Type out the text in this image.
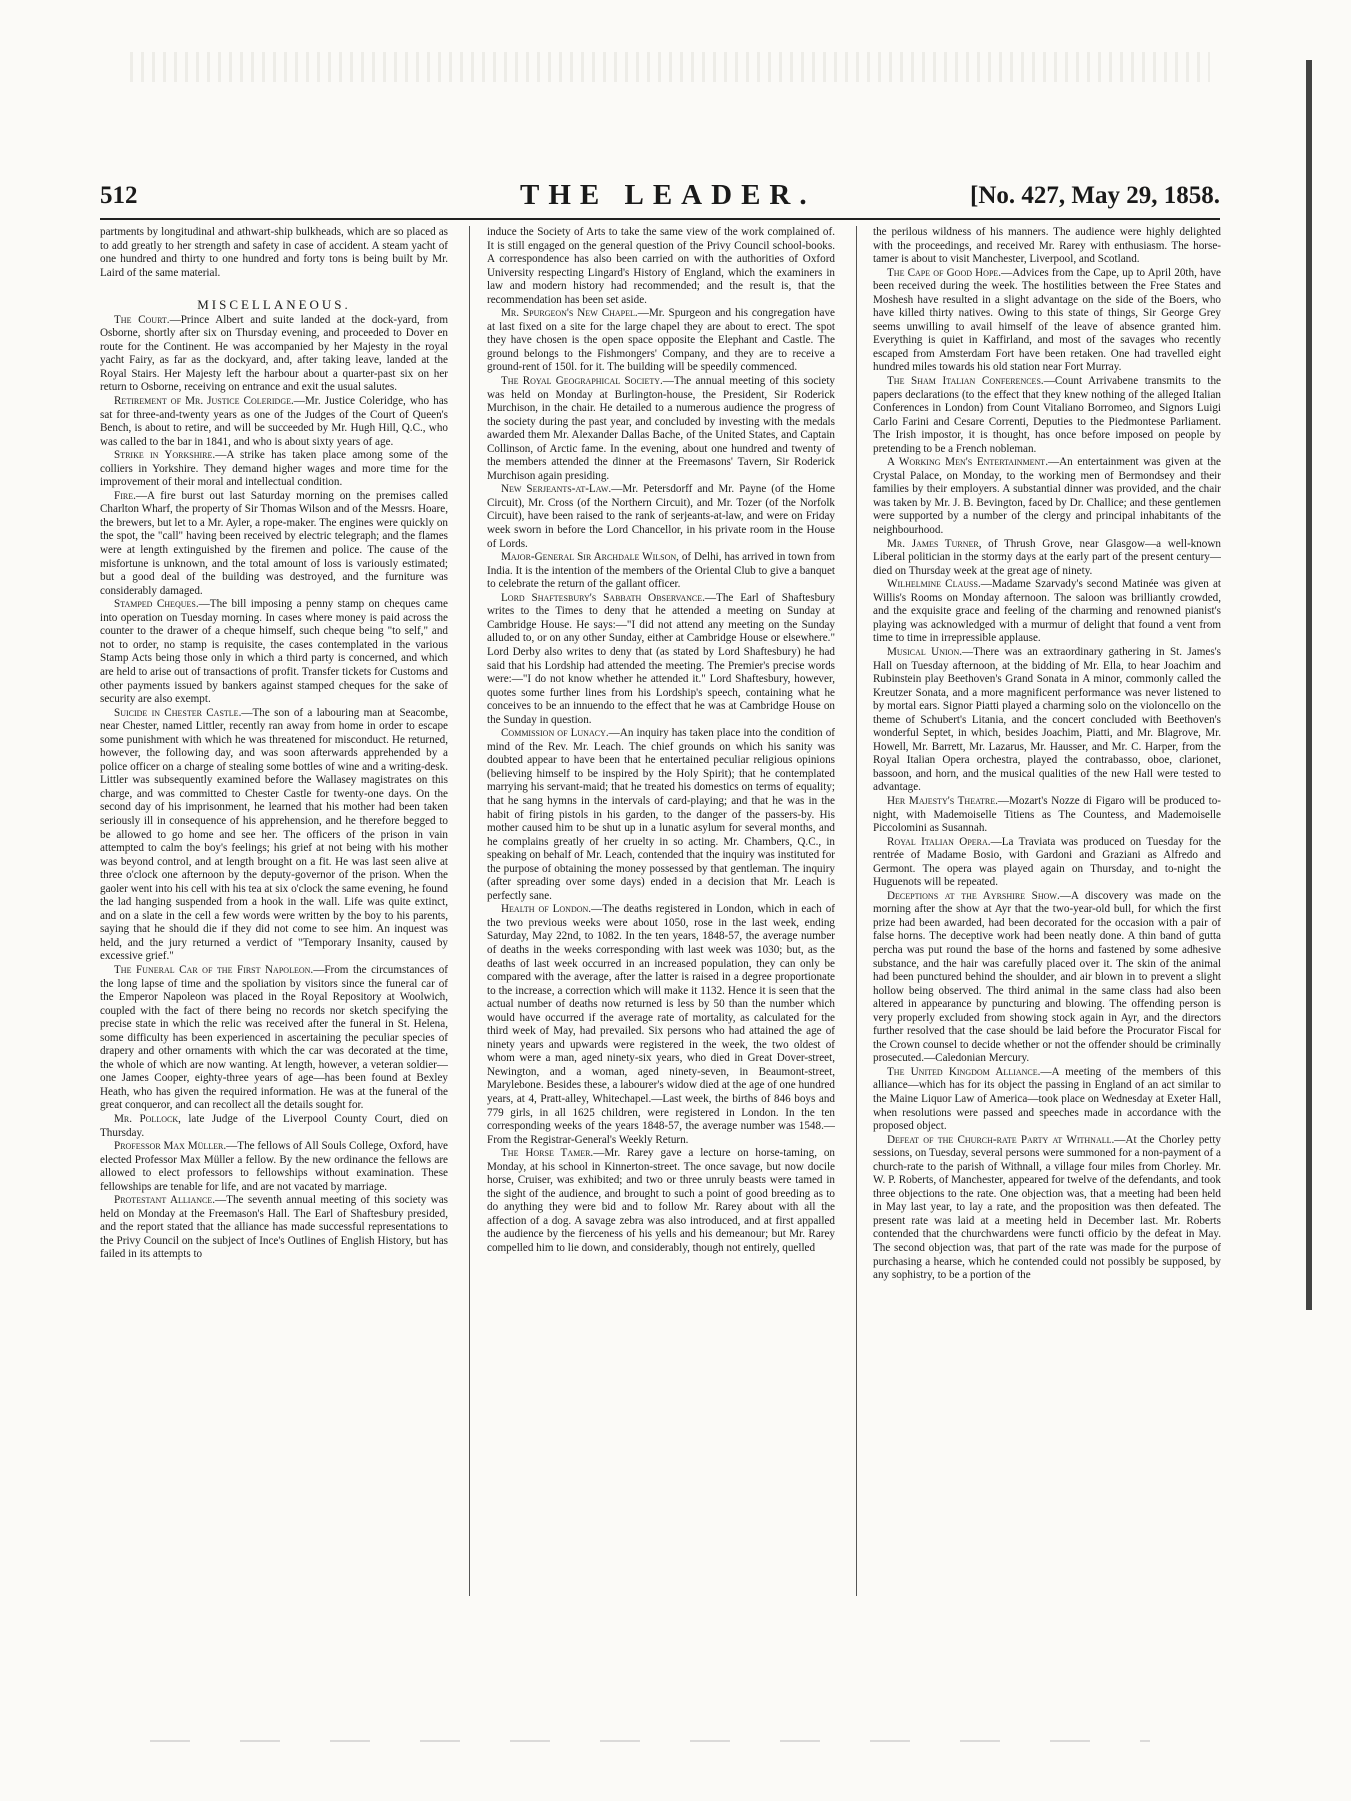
512	THE LEADER.	[No. 427, May 29, 1858.

partments by longitudinal and athwart-ship bulkheads, which are so placed as to add greatly to her strength and safety in case of accident. A steam yacht of one hundred and thirty to one hundred and forty tons is being built by Mr. Laird of the same material.

MISCELLANEOUS.

The Court.—Prince Albert and suite landed at the dock-yard, from Osborne, shortly after six on Thursday evening, and proceeded to Dover en route for the Continent. He was accompanied by her Majesty in the royal yacht Fairy, as far as the dockyard, and, after taking leave, landed at the Royal Stairs. Her Majesty left the harbour about a quarter-past six on her return to Osborne, receiving on entrance and exit the usual salutes.

Retirement of Mr. Justice Coleridge.—Mr. Justice Coleridge, who has sat for three-and-twenty years as one of the Judges of the Court of Queen's Bench, is about to retire, and will be succeeded by Mr. Hugh Hill, Q.C., who was called to the bar in 1841, and who is about sixty years of age.

Strike in Yorkshire.—A strike has taken place among some of the colliers in Yorkshire. They demand higher wages and more time for the improvement of their moral and intellectual condition.

Fire.—A fire burst out last Saturday morning on the premises called Charlton Wharf, the property of Sir Thomas Wilson and of the Messrs. Hoare, the brewers, but let to a Mr. Ayler, a rope-maker. The engines were quickly on the spot, the "call" having been received by electric telegraph; and the flames were at length extinguished by the firemen and police. The cause of the misfortune is unknown, and the total amount of loss is variously estimated; but a good deal of the building was destroyed, and the furniture was considerably damaged.

Stamped Cheques.—The bill imposing a penny stamp on cheques came into operation on Tuesday morning. In cases where money is paid across the counter to the drawer of a cheque himself, such cheque being "to self," and not to order, no stamp is requisite, the cases contemplated in the various Stamp Acts being those only in which a third party is concerned, and which are held to arise out of transactions of profit. Transfer tickets for Customs and other payments issued by bankers against stamped cheques for the sake of security are also exempt.

Suicide in Chester Castle.—The son of a labouring man at Seacombe, near Chester, named Littler, recently ran away from home in order to escape some punishment with which he was threatened for misconduct. He returned, however, the following day, and was soon afterwards apprehended by a police officer on a charge of stealing some bottles of wine and a writing-desk. Littler was subsequently examined before the Wallasey magistrates on this charge, and was committed to Chester Castle for twenty-one days. On the second day of his imprisonment, he learned that his mother had been taken seriously ill in consequence of his apprehension, and he therefore begged to be allowed to go home and see her. The officers of the prison in vain attempted to calm the boy's feelings; his grief at not being with his mother was beyond control, and at length brought on a fit. He was last seen alive at three o'clock one afternoon by the deputy-governor of the prison. When the gaoler went into his cell with his tea at six o'clock the same evening, he found the lad hanging suspended from a hook in the wall. Life was quite extinct, and on a slate in the cell a few words were written by the boy to his parents, saying that he should die if they did not come to see him. An inquest was held, and the jury returned a verdict of "Temporary Insanity, caused by excessive grief."

The Funeral Car of the First Napoleon.—From the circumstances of the long lapse of time and the spoliation by visitors since the funeral car of the Emperor Napoleon was placed in the Royal Repository at Woolwich, coupled with the fact of there being no records nor sketch specifying the precise state in which the relic was received after the funeral in St. Helena, some difficulty has been experienced in ascertaining the peculiar species of drapery and other ornaments with which the car was decorated at the time, the whole of which are now wanting. At length, however, a veteran soldier—one James Cooper, eighty-three years of age—has been found at Bexley Heath, who has given the required information. He was at the funeral of the great conqueror, and can recollect all the details sought for.

Mr. Pollock, late Judge of the Liverpool County Court, died on Thursday.

Professor Max Müller.—The fellows of All Souls College, Oxford, have elected Professor Max Müller a fellow. By the new ordinance the fellows are allowed to elect professors to fellowships without examination. These fellowships are tenable for life, and are not vacated by marriage.

Protestant Alliance.—The seventh annual meeting of this society was held on Monday at the Freemason's Hall. The Earl of Shaftesbury presided, and the report stated that the alliance has made successful representations to the Privy Council on the subject of Ince's Outlines of English History, but has failed in its attempts to

induce the Society of Arts to take the same view of the work complained of. It is still engaged on the general question of the Privy Council school-books. A correspondence has also been carried on with the authorities of Oxford University respecting Lingard's History of England, which the examiners in law and modern history had recommended; and the result is, that the recommendation has been set aside.

Mr. Spurgeon's New Chapel.—Mr. Spurgeon and his congregation have at last fixed on a site for the large chapel they are about to erect. The spot they have chosen is the open space opposite the Elephant and Castle. The ground belongs to the Fishmongers' Company, and they are to receive a ground-rent of 150l. for it. The building will be speedily commenced.

The Royal Geographical Society.—The annual meeting of this society was held on Monday at Burlington-house, the President, Sir Roderick Murchison, in the chair. He detailed to a numerous audience the progress of the society during the past year, and concluded by investing with the medals awarded them Mr. Alexander Dallas Bache, of the United States, and Captain Collinson, of Arctic fame. In the evening, about one hundred and twenty of the members attended the dinner at the Freemasons' Tavern, Sir Roderick Murchison again presiding.

New Serjeants-at-Law.—Mr. Petersdorff and Mr. Payne (of the Home Circuit), Mr. Cross (of the Northern Circuit), and Mr. Tozer (of the Norfolk Circuit), have been raised to the rank of serjeants-at-law, and were on Friday week sworn in before the Lord Chancellor, in his private room in the House of Lords.

Major-General Sir Archdale Wilson, of Delhi, has arrived in town from India. It is the intention of the members of the Oriental Club to give a banquet to celebrate the return of the gallant officer.

Lord Shaftesbury's Sabbath Observance.—The Earl of Shaftesbury writes to the Times to deny that he attended a meeting on Sunday at Cambridge House. He says:—"I did not attend any meeting on the Sunday alluded to, or on any other Sunday, either at Cambridge House or elsewhere." Lord Derby also writes to deny that (as stated by Lord Shaftesbury) he had said that his Lordship had attended the meeting. The Premier's precise words were:—"I do not know whether he attended it." Lord Shaftesbury, however, quotes some further lines from his Lordship's speech, containing what he conceives to be an innuendo to the effect that he was at Cambridge House on the Sunday in question.

Commission of Lunacy.—An inquiry has taken place into the condition of mind of the Rev. Mr. Leach. The chief grounds on which his sanity was doubted appear to have been that he entertained peculiar religious opinions (believing himself to be inspired by the Holy Spirit); that he contemplated marrying his servant-maid; that he treated his domestics on terms of equality; that he sang hymns in the intervals of card-playing; and that he was in the habit of firing pistols in his garden, to the danger of the passers-by. His mother caused him to be shut up in a lunatic asylum for several months, and he complains greatly of her cruelty in so acting. Mr. Chambers, Q.C., in speaking on behalf of Mr. Leach, contended that the inquiry was instituted for the purpose of obtaining the money possessed by that gentleman. The inquiry (after spreading over some days) ended in a decision that Mr. Leach is perfectly sane.

Health of London.—The deaths registered in London, which in each of the two previous weeks were about 1050, rose in the last week, ending Saturday, May 22nd, to 1082. In the ten years, 1848-57, the average number of deaths in the weeks corresponding with last week was 1030; but, as the deaths of last week occurred in an increased population, they can only be compared with the average, after the latter is raised in a degree proportionate to the increase, a correction which will make it 1132. Hence it is seen that the actual number of deaths now returned is less by 50 than the number which would have occurred if the average rate of mortality, as calculated for the third week of May, had prevailed. Six persons who had attained the age of ninety years and upwards were registered in the week, the two oldest of whom were a man, aged ninety-six years, who died in Great Dover-street, Newington, and a woman, aged ninety-seven, in Beaumont-street, Marylebone. Besides these, a labourer's widow died at the age of one hundred years, at 4, Pratt-alley, Whitechapel.—Last week, the births of 846 boys and 779 girls, in all 1625 children, were registered in London. In the ten corresponding weeks of the years 1848-57, the average number was 1548.—From the Registrar-General's Weekly Return.

The Horse Tamer.—Mr. Rarey gave a lecture on horse-taming, on Monday, at his school in Kinnerton-street. The once savage, but now docile horse, Cruiser, was exhibited; and two or three unruly beasts were tamed in the sight of the audience, and brought to such a point of good breeding as to do anything they were bid and to follow Mr. Rarey about with all the affection of a dog. A savage zebra was also introduced, and at first appalled the audience by the fierceness of his yells and his demeanour; but Mr. Rarey compelled him to lie down, and considerably, though not entirely, quelled

the perilous wildness of his manners. The audience were highly delighted with the proceedings, and received Mr. Rarey with enthusiasm. The horse-tamer is about to visit Manchester, Liverpool, and Scotland.

The Cape of Good Hope.—Advices from the Cape, up to April 20th, have been received during the week. The hostilities between the Free States and Moshesh have resulted in a slight advantage on the side of the Boers, who have killed thirty natives. Owing to this state of things, Sir George Grey seems unwilling to avail himself of the leave of absence granted him. Everything is quiet in Kaffirland, and most of the savages who recently escaped from Amsterdam Fort have been retaken. One had travelled eight hundred miles towards his old station near Fort Murray.

The Sham Italian Conferences.—Count Arrivabene transmits to the papers declarations (to the effect that they knew nothing of the alleged Italian Conferences in London) from Count Vitaliano Borromeo, and Signors Luigi Carlo Farini and Cesare Correnti, Deputies to the Piedmontese Parliament. The Irish impostor, it is thought, has once before imposed on people by pretending to be a French nobleman.

A Working Men's Entertainment.—An entertainment was given at the Crystal Palace, on Monday, to the working men of Bermondsey and their families by their employers. A substantial dinner was provided, and the chair was taken by Mr. J. B. Bevington, faced by Dr. Challice; and these gentlemen were supported by a number of the clergy and principal inhabitants of the neighbourhood.

Mr. James Turner, of Thrush Grove, near Glasgow—a well-known Liberal politician in the stormy days at the early part of the present century—died on Thursday week at the great age of ninety.

Wilhelmine Clauss.—Madame Szarvady's second Matinée was given at Willis's Rooms on Monday afternoon. The saloon was brilliantly crowded, and the exquisite grace and feeling of the charming and renowned pianist's playing was acknowledged with a murmur of delight that found a vent from time to time in irrepressible applause.

Musical Union.—There was an extraordinary gathering in St. James's Hall on Tuesday afternoon, at the bidding of Mr. Ella, to hear Joachim and Rubinstein play Beethoven's Grand Sonata in A minor, commonly called the Kreutzer Sonata, and a more magnificent performance was never listened to by mortal ears. Signor Piatti played a charming solo on the violoncello on the theme of Schubert's Litania, and the concert concluded with Beethoven's wonderful Septet, in which, besides Joachim, Piatti, and Mr. Blagrove, Mr. Howell, Mr. Barrett, Mr. Lazarus, Mr. Hausser, and Mr. C. Harper, from the Royal Italian Opera orchestra, played the contrabasso, oboe, clarionet, bassoon, and horn, and the musical qualities of the new Hall were tested to advantage.

Her Majesty's Theatre.—Mozart's Nozze di Figaro will be produced to-night, with Mademoiselle Titiens as The Countess, and Mademoiselle Piccolomini as Susannah.

Royal Italian Opera.—La Traviata was produced on Tuesday for the rentrée of Madame Bosio, with Gardoni and Graziani as Alfredo and Germont. The opera was played again on Thursday, and to-night the Huguenots will be repeated.

Deceptions at the Ayrshire Show.—A discovery was made on the morning after the show at Ayr that the two-year-old bull, for which the first prize had been awarded, had been decorated for the occasion with a pair of false horns. The deceptive work had been neatly done. A thin band of gutta percha was put round the base of the horns and fastened by some adhesive substance, and the hair was carefully placed over it. The skin of the animal had been punctured behind the shoulder, and air blown in to prevent a slight hollow being observed. The third animal in the same class had also been altered in appearance by puncturing and blowing. The offending person is very properly excluded from showing stock again in Ayr, and the directors further resolved that the case should be laid before the Procurator Fiscal for the Crown counsel to decide whether or not the offender should be criminally prosecuted.—Caledonian Mercury.

The United Kingdom Alliance.—A meeting of the members of this alliance—which has for its object the passing in England of an act similar to the Maine Liquor Law of America—took place on Wednesday at Exeter Hall, when resolutions were passed and speeches made in accordance with the proposed object.

Defeat of the Church-rate Party at Withnall.—At the Chorley petty sessions, on Tuesday, several persons were summoned for a non-payment of a church-rate to the parish of Withnall, a village four miles from Chorley. Mr. W. P. Roberts, of Manchester, appeared for twelve of the defendants, and took three objections to the rate. One objection was, that a meeting had been held in May last year, to lay a rate, and the proposition was then defeated. The present rate was laid at a meeting held in December last. Mr. Roberts contended that the churchwardens were functi officio by the defeat in May. The second objection was, that part of the rate was made for the purpose of purchasing a hearse, which he contended could not possibly be supposed, by any sophistry, to be a portion of the
